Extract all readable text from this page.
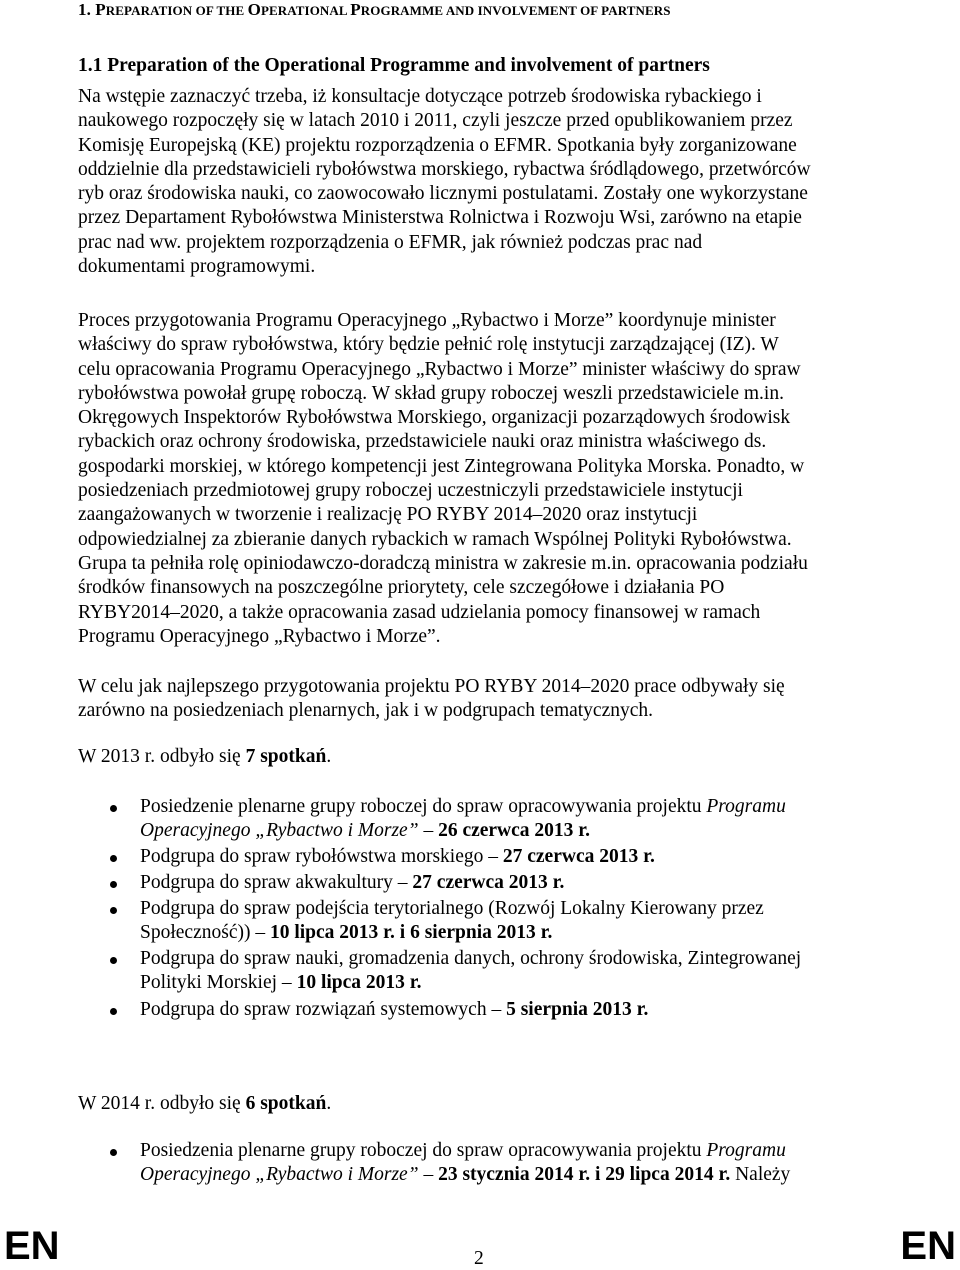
1. PREPARATION OF THE OPERATIONAL PROGRAMME AND INVOLVEMENT OF PARTNERS
1.1 Preparation of the Operational Programme and involvement of partners
Na wstępie zaznaczyć trzeba, iż konsultacje dotyczące potrzeb środowiska rybackiego i
naukowego rozpoczęły się w latach 2010 i 2011, czyli jeszcze przed opublikowaniem przez
Komisję Europejską (KE) projektu rozporządzenia o EFMR. Spotkania były zorganizowane
oddzielnie dla przedstawicieli rybołówstwa morskiego, rybactwa śródlądowego, przetwórców
ryb oraz środowiska nauki, co zaowocowało licznymi postulatami. Zostały one wykorzystane
przez Departament Rybołówstwa Ministerstwa Rolnictwa i Rozwoju Wsi, zarówno na etapie
prac nad ww. projektem rozporządzenia o EFMR, jak również podczas prac nad
dokumentami programowymi.
Proces przygotowania Programu Operacyjnego „Rybactwo i Morze” koordynuje minister
właściwy do spraw rybołówstwa, który będzie pełnić rolę instytucji zarządzającej (IZ). W
celu opracowania Programu Operacyjnego „Rybactwo i Morze” minister właściwy do spraw
rybołówstwa powołał grupę roboczą. W skład grupy roboczej weszli przedstawiciele m.in.
Okręgowych Inspektorów Rybołówstwa Morskiego, organizacji pozarządowych środowisk
rybackich oraz ochrony środowiska, przedstawiciele nauki oraz ministra właściwego ds.
gospodarki morskiej, w którego kompetencji jest Zintegrowana Polityka Morska. Ponadto, w
posiedzeniach przedmiotowej grupy roboczej uczestniczyli przedstawiciele instytucji
zaangażowanych w tworzenie i realizację PO RYBY 2014–2020 oraz instytucji
odpowiedzialnej za zbieranie danych rybackich w ramach Wspólnej Polityki Rybołówstwa.
Grupa ta pełniła rolę opiniodawczo-doradczą ministra w zakresie m.in. opracowania podziału
środków finansowych na poszczególne priorytety, cele szczegółowe i działania PO
RYBY2014–2020, a także opracowania zasad udzielania pomocy finansowej w ramach
Programu Operacyjnego „Rybactwo i Morze”.
W celu jak najlepszego przygotowania projektu PO RYBY 2014–2020 prace odbywały się
zarówno na posiedzeniach plenarnych, jak i w podgrupach tematycznych.
W 2013 r. odbyło się 7 spotkań.
Posiedzenie plenarne grupy roboczej do spraw opracowywania projektu Programu
Operacyjnego „Rybactwo i Morze” – 26 czerwca 2013 r.
Podgrupa do spraw rybołówstwa morskiego – 27 czerwca 2013 r.
Podgrupa do spraw akwakultury – 27 czerwca 2013 r.
Podgrupa do spraw podejścia terytorialnego (Rozwój Lokalny Kierowany przez
Społeczność)) – 10 lipca 2013 r. i 6 sierpnia 2013 r.
Podgrupa do spraw nauki, gromadzenia danych, ochrony środowiska, Zintegrowanej
Polityki Morskiej – 10 lipca 2013 r.
Podgrupa do spraw rozwiązań systemowych – 5 sierpnia 2013 r.
W 2014 r. odbyło się 6 spotkań.
Posiedzenia plenarne grupy roboczej do spraw opracowywania projektu Programu
Operacyjnego „Rybactwo i Morze” – 23 stycznia 2014 r. i 29 lipca 2014 r. Należy
EN	2	EN
